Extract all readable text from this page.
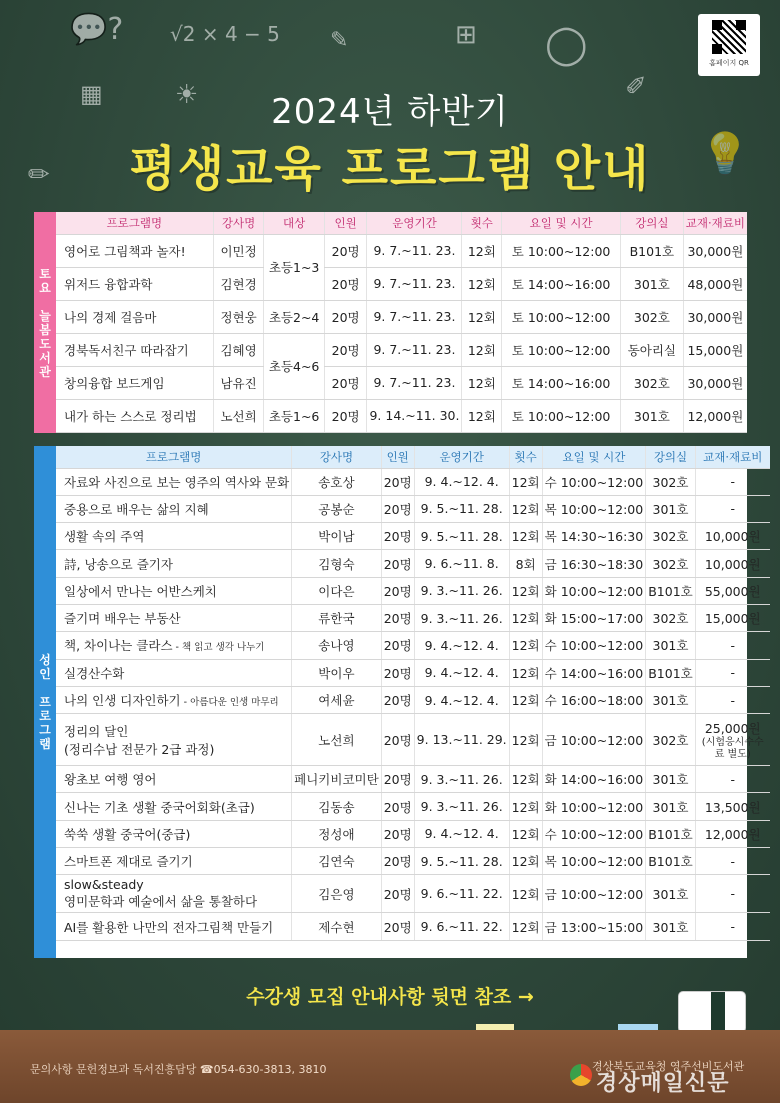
💬? √2 × 4 − 5 ✎	⊞ ◯
▦	☀	✐
✏	💡
홈페이지 QR
2024년 하반기
평생교육 프로그램 안내
토
요

늘
봄
도
서
관
프로그램명	강사명	대상	인원	운영기간	횟수	요일 및 시간	강의실	교재·재료비
영어로 그림책과 놀자!	이민정	초등1~3	20명	9. 7.~11. 23.	12회	토 10:00~12:00	B101호	30,000원
위저드 융합과학	김현경		20명	9. 7.~11. 23.	12회	토 14:00~16:00	301호	48,000원
나의 경제 걸음마	정현웅	초등2~4	20명	9. 7.~11. 23.	12회	토 10:00~12:00	302호	30,000원
경북독서친구 따라잡기	김혜영	초등4~6	20명	9. 7.~11. 23.	12회	토 10:00~12:00	동아리실	15,000원
창의융합 보드게임	남유진		20명	9. 7.~11. 23.	12회	토 14:00~16:00	302호	30,000원
내가 하는 스스로 정리법	노선희	초등1~6	20명	9. 14.~11. 30.	12회	토 10:00~12:00	301호	12,000원
성
인

프
로
그
램
프로그램명	강사명	인원	운영기간	횟수	요일 및 시간	강의실	교재·재료비
자료와 사진으로 보는 영주의 역사와 문화	송호상	20명	9. 4.~12. 4.	12회	수 10:00~12:00	302호	-
중용으로 배우는 삶의 지혜	공봉순	20명	9. 5.~11. 28.	12회	목 10:00~12:00	301호	-
생활 속의 주역	박이남	20명	9. 5.~11. 28.	12회	목 14:30~16:30	302호	10,000원
詩, 낭송으로 즐기자	김형숙	20명	9. 6.~11. 8.	8회	금 16:30~18:30	302호	10,000원
일상에서 만나는 어반스케치	이다은	20명	9. 3.~11. 26.	12회	화 10:00~12:00	B101호	55,000원
즐기며 배우는 부동산	류한국	20명	9. 3.~11. 26.	12회	화 15:00~17:00	302호	15,000원
책, 차이나는 클라스 - 책 읽고 생각 나누기	송나영	20명	9. 4.~12. 4.	12회	수 10:00~12:00	301호	-
실경산수화	박이우	20명	9. 4.~12. 4.	12회	수 14:00~16:00	B101호	-
나의 인생 디자인하기 - 아름다운 인생 마무리	여세윤	20명	9. 4.~12. 4.	12회	수 16:00~18:00	301호	-
정리의 달인
(정리수납 전문가 2급 과정)	노선희	20명	9. 13.~11. 29.	12회	금 10:00~12:00	302호	25,000원
(시험응시수수료 별도)
왕초보 여행 영어	페니키비코미탄	20명	9. 3.~11. 26.	12회	화 14:00~16:00	301호	-
신나는 기초 생활 중국어회화(초급)	김동송	20명	9. 3.~11. 26.	12회	화 10:00~12:00	301호	13,500원
쑥쑥 생활 중국어(중급)	정성애	20명	9. 4.~12. 4.	12회	수 10:00~12:00	B101호	12,000원
스마트폰 제대로 즐기기	김연숙	20명	9. 5.~11. 28.	12회	목 10:00~12:00	B101호	-
slow&steady
영미문학과 예술에서 삶을 통찰하다	김은영	20명	9. 6.~11. 22.	12회	금 10:00~12:00	301호	-
AI를 활용한 나만의 전자그림책 만들기	제수현	20명	9. 6.~11. 22.	12회	금 13:00~15:00	301호	-
수강생 모집 안내사항 뒷면 참조 →
문의사항 문헌정보과 독서진흥담당 ☎054-630-3813, 3810	경상북도교육청 영주선비도서관
경상매일신문
